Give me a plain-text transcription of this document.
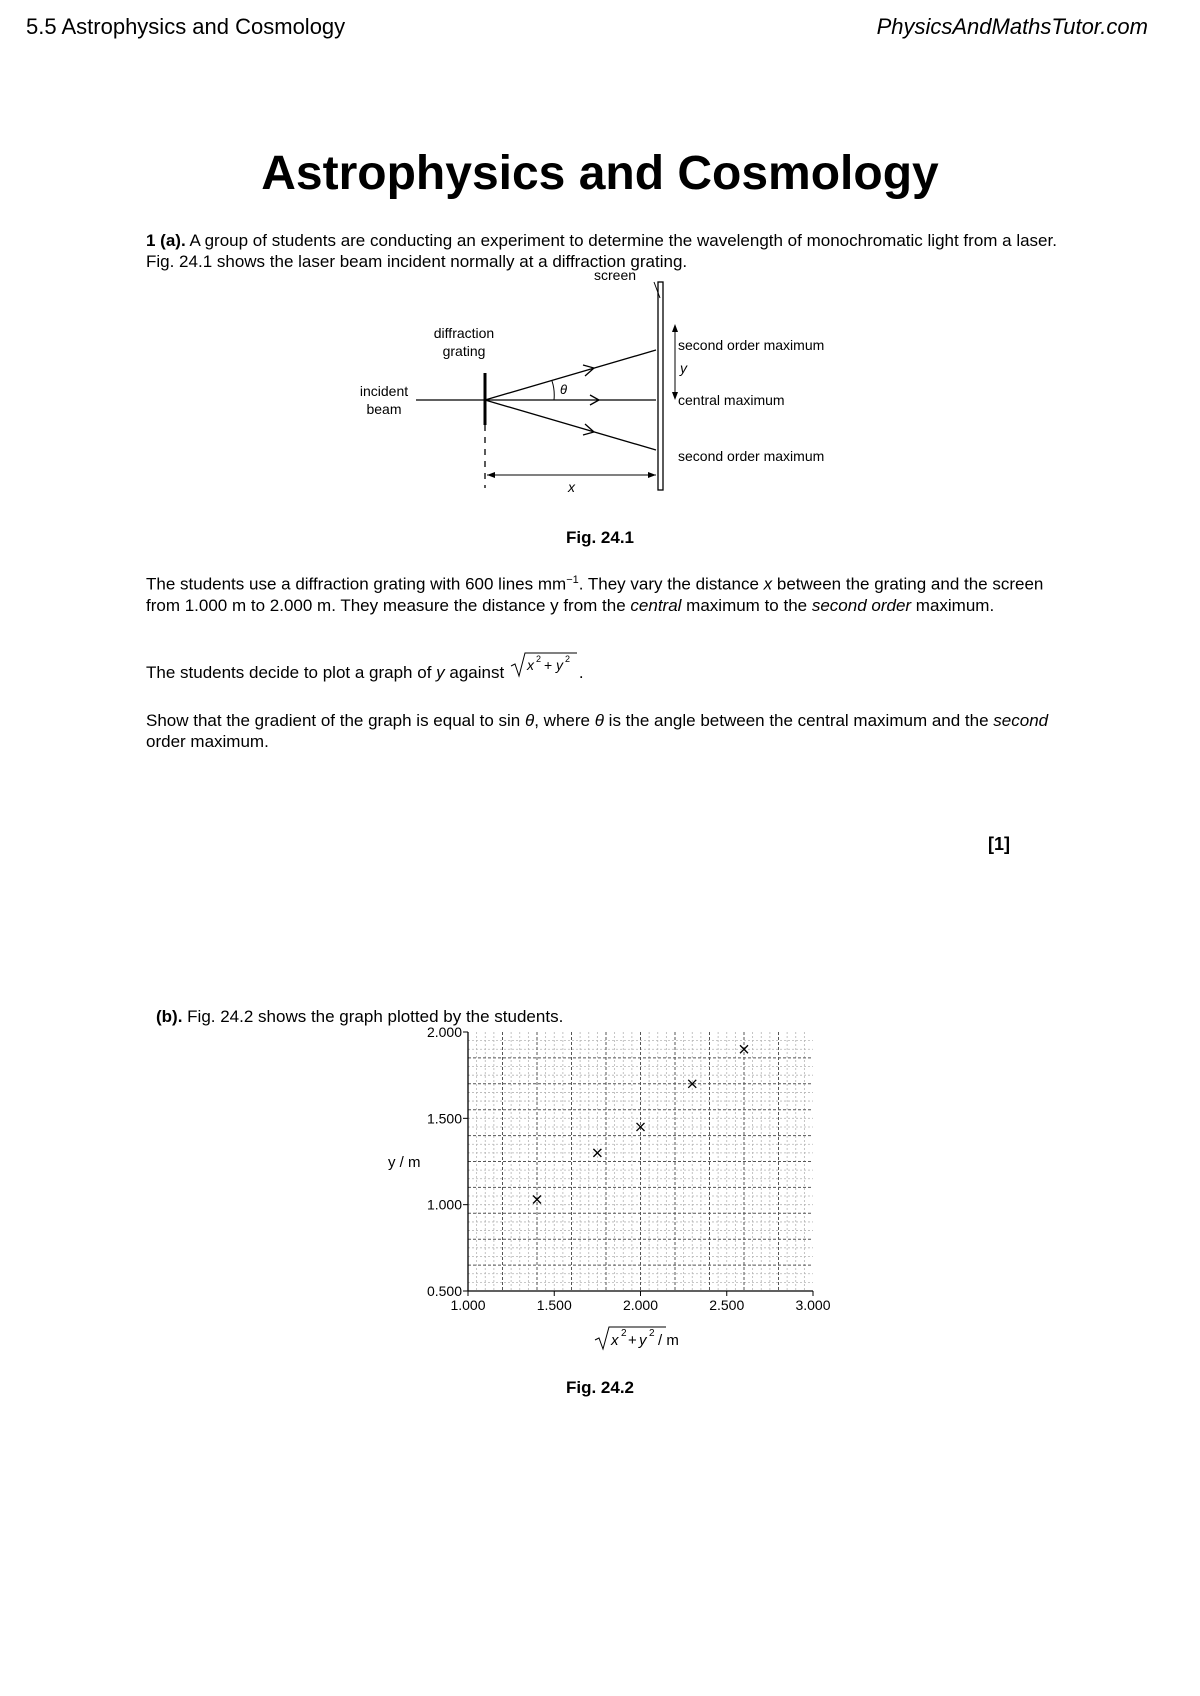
5.5 Astrophysics and Cosmology	PhysicsAndMathsTutor.com
Astrophysics and Cosmology
1 (a). A group of students are conducting an experiment to determine the wavelength of monochromatic light from a laser.
Fig. 24.1 shows the laser beam incident normally at a diffraction grating.
θ
screen
y
x
diffraction
grating
incident
beam
second order maximum
central maximum
second order maximum
Fig. 24.1
The students use a diffraction grating with 600 lines $mm^{-1}$. They vary the distance x between the grating and the screen from 1.000 m to 2.000 m. They measure the distance y from the central maximum to the second order maximum.
The students decide to plot a graph of y against x 2 + y 2
.
Show that the gradient of the graph is equal to sin θ, where θ is the angle between the central maximum and the second order maximum.
[1]
(b). Fig. 24.2 shows the graph plotted by the students.
1.000	1.500	2.000	2.500	3.000
0.500
1.000
1.500
2.000
y / m
x 2 + y 2 / m
Fig. 24.2
